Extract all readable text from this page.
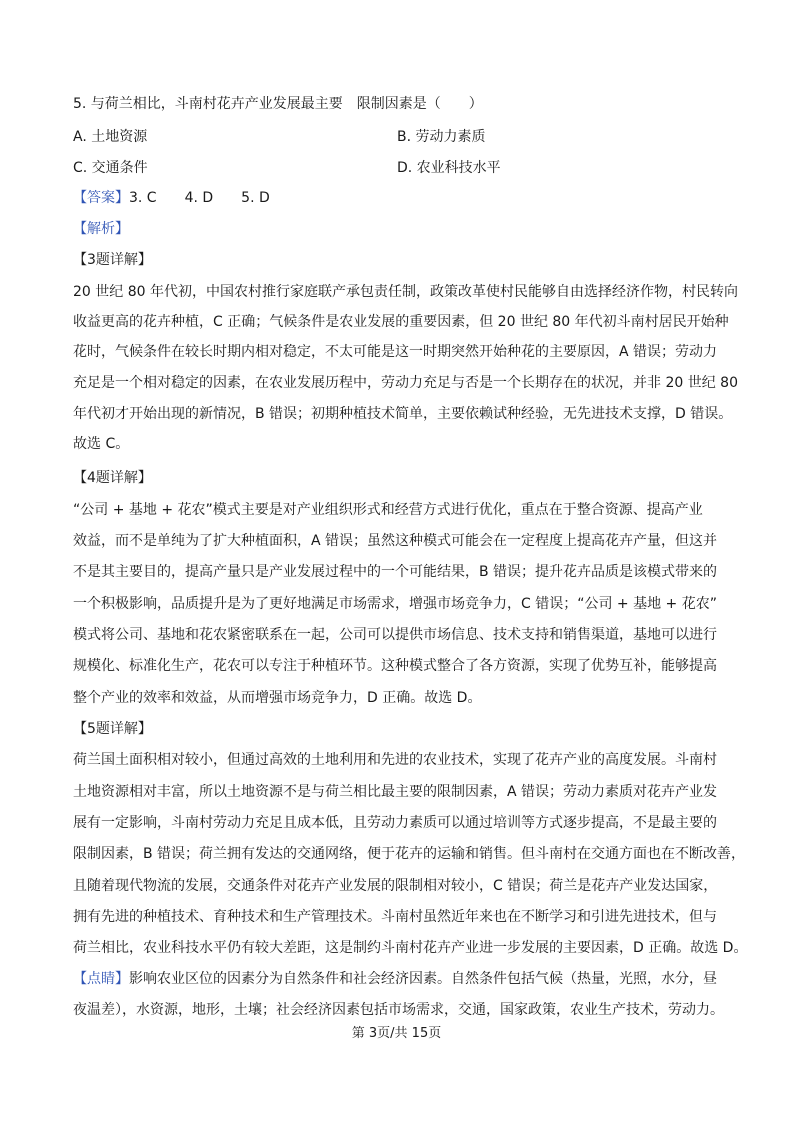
5. 与荷兰相比，斗南村花卉产业发展最主要　限制因素是（　　）
A. 土地资源	B. 劳动力素质
C. 交通条件	D. 农业科技水平
【答案】3. C　　4. D　　5. D
【解析】
【3题详解】
20 世纪 80 年代初，中国农村推行家庭联产承包责任制，政策改革使村民能够自由选择经济作物，村民转向
收益更高的花卉种植，C 正确；气候条件是农业发展的重要因素，但 20 世纪 80 年代初斗南村居民开始种
花时，气候条件在较长时期内相对稳定，不太可能是这一时期突然开始种花的主要原因，A 错误；劳动力
充足是一个相对稳定的因素，在农业发展历程中，劳动力充足与否是一个长期存在的状况，并非 20 世纪 80
年代初才开始出现的新情况，B 错误；初期种植技术简单，主要依赖试种经验，无先进技术支撑，D 错误。
故选 C。
【4题详解】
“公司 + 基地 + 花农”模式主要是对产业组织形式和经营方式进行优化，重点在于整合资源、提高产业
效益，而不是单纯为了扩大种植面积，A 错误；虽然这种模式可能会在一定程度上提高花卉产量，但这并
不是其主要目的，提高产量只是产业发展过程中的一个可能结果，B 错误；提升花卉品质是该模式带来的
一个积极影响，品质提升是为了更好地满足市场需求，增强市场竞争力，C 错误；“公司 + 基地 + 花农”
模式将公司、基地和花农紧密联系在一起，公司可以提供市场信息、技术支持和销售渠道，基地可以进行
规模化、标准化生产，花农可以专注于种植环节。这种模式整合了各方资源，实现了优势互补，能够提高
整个产业的效率和效益，从而增强市场竞争力，D 正确。故选 D。
【5题详解】
荷兰国土面积相对较小，但通过高效的土地利用和先进的农业技术，实现了花卉产业的高度发展。斗南村
土地资源相对丰富，所以土地资源不是与荷兰相比最主要的限制因素，A 错误；劳动力素质对花卉产业发
展有一定影响，斗南村劳动力充足且成本低，且劳动力素质可以通过培训等方式逐步提高，不是最主要的
限制因素，B 错误；荷兰拥有发达的交通网络，便于花卉的运输和销售。但斗南村在交通方面也在不断改善，
且随着现代物流的发展，交通条件对花卉产业发展的限制相对较小，C 错误；荷兰是花卉产业发达国家，
拥有先进的种植技术、育种技术和生产管理技术。斗南村虽然近年来也在不断学习和引进先进技术，但与
荷兰相比，农业科技水平仍有较大差距，这是制约斗南村花卉产业进一步发展的主要因素，D 正确。故选 D。
【点睛】影响农业区位的因素分为自然条件和社会经济因素。自然条件包括气候（热量，光照，水分，昼
夜温差），水资源，地形，土壤；社会经济因素包括市场需求，交通，国家政策，农业生产技术，劳动力。
第 3页/共 15页
